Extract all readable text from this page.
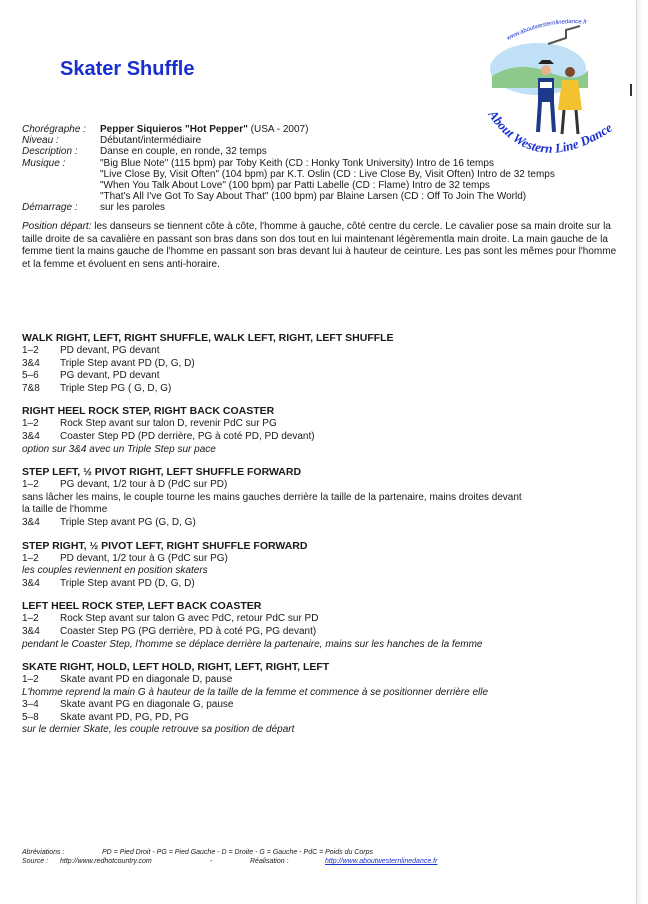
Skater Shuffle
www.aboutwesternlinedance.fr
About Western Line Dance
Chorégraphe :	Pepper Siquieros "Hot Pepper" (USA - 2007)
Niveau :	Débutant/intermédiaire
Description :	Danse en couple, en ronde, 32 temps
Musique :	"Big Blue Note" (115 bpm) par Toby Keith (CD : Honky Tonk University) Intro de 16 temps
"Live Close By, Visit Often" (104 bpm) par K.T. Oslin (CD : Live Close By, Visit Often) Intro de 32 temps
"When You Talk About Love" (100 bpm) par Patti Labelle (CD : Flame) Intro de 32 temps
"That's All I've Got To Say About That" (100 bpm) par Blaine Larsen (CD : Off To Join The World)
Démarrage :	sur les paroles
Position départ: les danseurs se tiennent côte à côte, l'homme à gauche, côté centre du cercle. Le cavalier pose sa main droite sur la taille droite de sa cavalière en passant son bras dans son dos tout en lui maintenant légèrementla main droite. La main gauche de la femme tient la mains gauche de l'homme en passant son bras devant lui à hauteur de ceinture. Les pas sont les mêmes pour l'homme et la femme et évoluent en sens anti-horaire.
WALK RIGHT, LEFT, RIGHT SHUFFLE, WALK LEFT, RIGHT, LEFT SHUFFLE
1–2	PD devant, PG devant
3&4	Triple Step avant PD (D, G, D)
5–6	PG devant, PD devant
7&8	Triple Step PG ( G, D, G)
RIGHT HEEL ROCK STEP, RIGHT BACK COASTER
1–2	Rock Step avant sur talon D, revenir PdC sur PG
3&4	Coaster Step PD (PD derrière, PG à coté PD, PD devant)
option sur 3&4 avec un Triple Step sur pace
STEP LEFT, ½ PIVOT RIGHT, LEFT SHUFFLE FORWARD
1–2	PG devant, 1/2 tour à D (PdC sur PD)
sans lâcher les mains, le couple tourne les mains gauches derrière la taille de la partenaire, mains droites devant
la taille de l'homme
3&4	Triple Step avant PG (G, D, G)
STEP RIGHT, ½ PIVOT LEFT, RIGHT SHUFFLE FORWARD
1–2	PD devant, 1/2 tour à G (PdC sur PG)
les couples reviennent en position skaters
3&4	Triple Step avant PD (D, G, D)
LEFT HEEL ROCK STEP, LEFT BACK COASTER
1–2	Rock Step avant sur talon G avec PdC, retour PdC sur PD
3&4	Coaster Step PG (PG derrière, PD à coté PG, PG devant)
pendant le Coaster Step, l'homme se déplace derrière la partenaire, mains sur les hanches de la femme
SKATE RIGHT, HOLD, LEFT HOLD, RIGHT, LEFT, RIGHT, LEFT
1–2	Skate avant PD en diagonale D, pause
L'homme reprend la main G à hauteur de la taille de la femme et commence à se positionner derrière elle
3–4	Skate avant PG en diagonale G, pause
5–8	Skate avant PD, PG, PD, PG
sur le dernier Skate, les couple retrouve sa position de départ
Abréviations :	PD = Pied Droit - PG = Pied Gauche - D = Droite - G = Gauche - PdC = Poids du Corps
Source :	http://www.redhotcountry.com	-	Réalisation :	http://www.aboutwesternlinedance.fr
